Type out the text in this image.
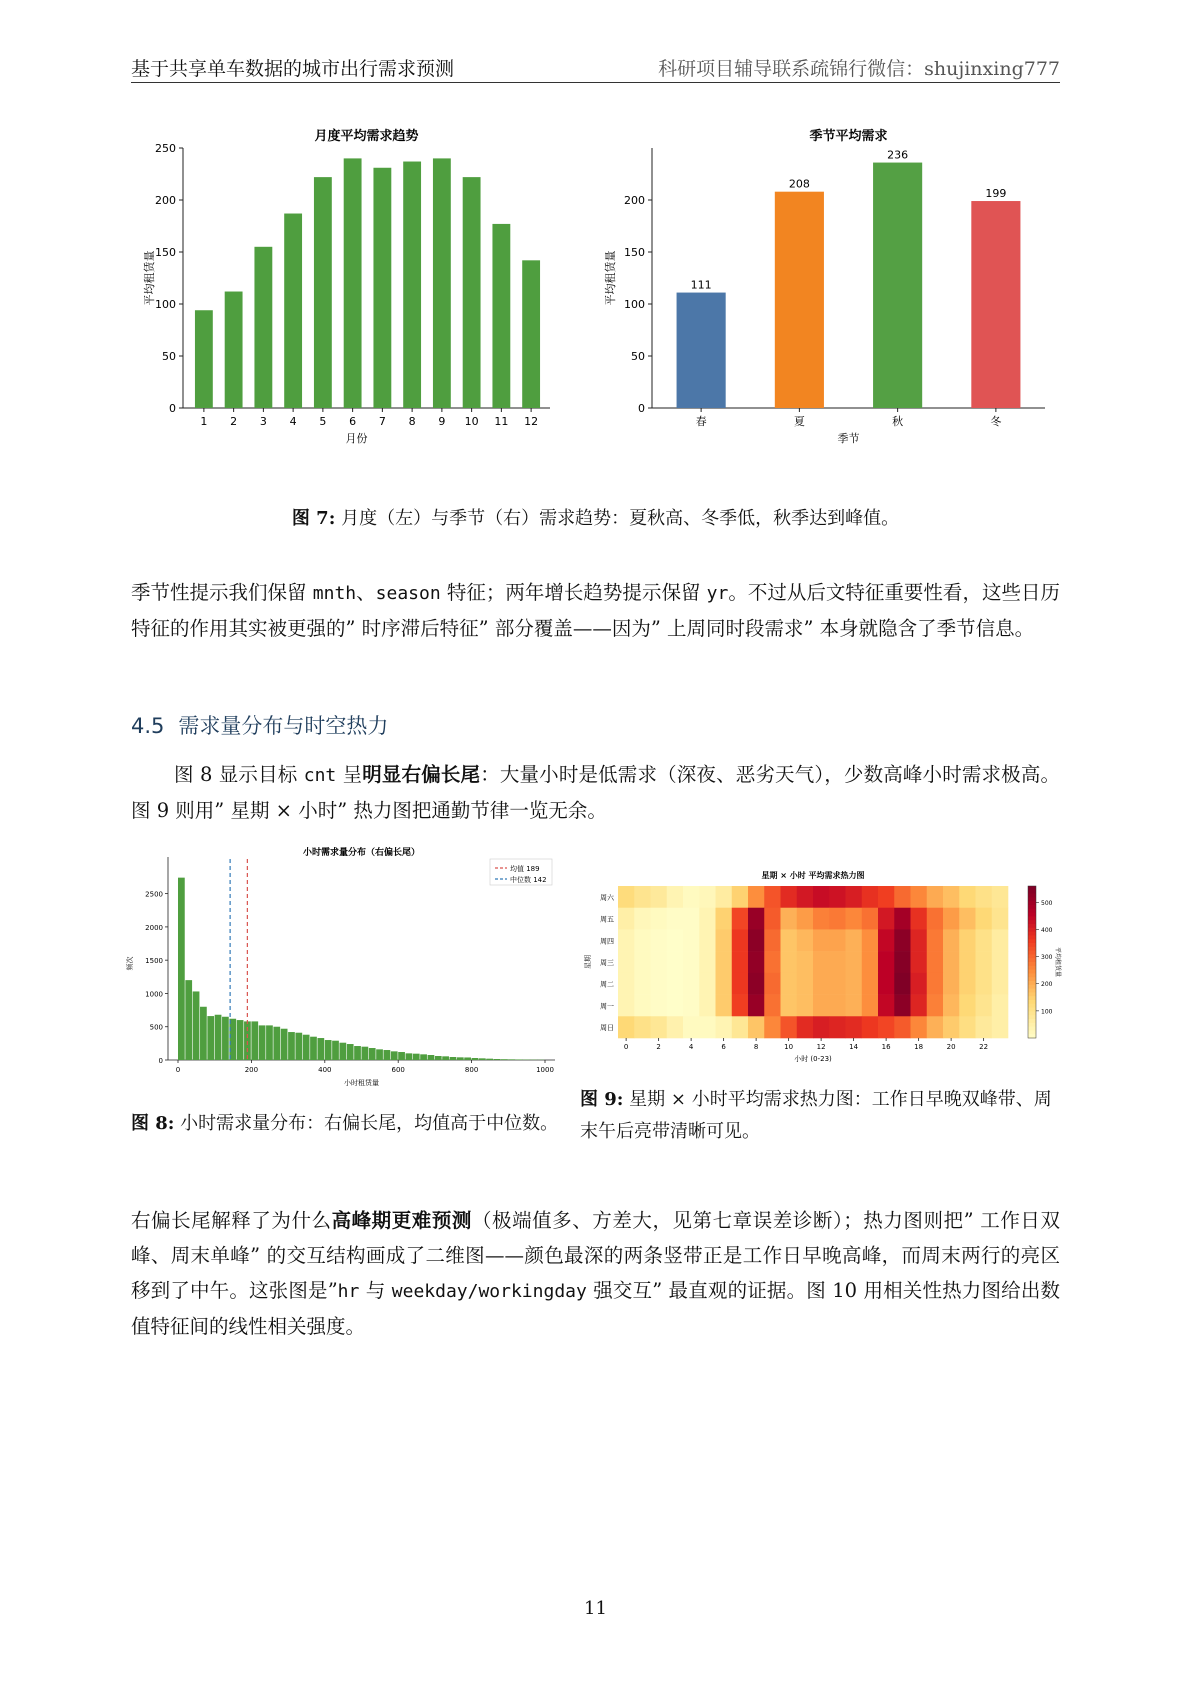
基于共享单车数据的城市出行需求预测	科研项目辅导联系疏锦行微信：shujinxing777
月度平均需求趋势
0
50
100
150
200
250
1 2 3 4 5 6 7 8 9 10 11 12
月份
平均租赁量
季节平均需求
0
50
100
150
200
111
春
208
夏
236
秋
199
冬
季节
平均租赁量
图 7: 月度（左）与季节（右）需求趋势：夏秋高、冬季低，秋季达到峰值。
季节性提示我们保留 mnth、season 特征；两年增长趋势提示保留 yr。不过从后文特征重要性看，这些日历特征的作用其实被更强的” 时序滞后特征” 部分覆盖——因为” 上周同时段需求” 本身就隐含了季节信息。
4.5 需求量分布与时空热力
图 8 显示目标 cnt 呈明显右偏长尾：大量小时是低需求（深夜、恶劣天气），少数高峰小时需求极高。图 9 则用” 星期 × 小时” 热力图把通勤节律一览无余。
小时需求量分布（右偏长尾）
0
500
1000
1500
2000
2500
0	200	400	600	800	1000
均值 189
中位数 142
小时租赁量
频次
星期 × 小时 平均需求热力图
周六
周五
周四
周三
周二
周一
周日
0	2	4	6	8	10	12	14	16	18	20	22
小时 (0-23)
星期
100
200
300
400
500
平均租赁量
图 8: 小时需求量分布：右偏长尾，均值高于中位数。
图 9: 星期 × 小时平均需求热力图：工作日早晚双峰带、周末午后亮带清晰可见。
右偏长尾解释了为什么高峰期更难预测（极端值多、方差大，见第七章误差诊断）；热力图则把” 工作日双峰、周末单峰” 的交互结构画成了二维图——颜色最深的两条竖带正是工作日早晚高峰，而周末两行的亮区移到了中午。这张图是”hr 与 weekday/workingday 强交互” 最直观的证据。图 10 用相关性热力图给出数值特征间的线性相关强度。
11
